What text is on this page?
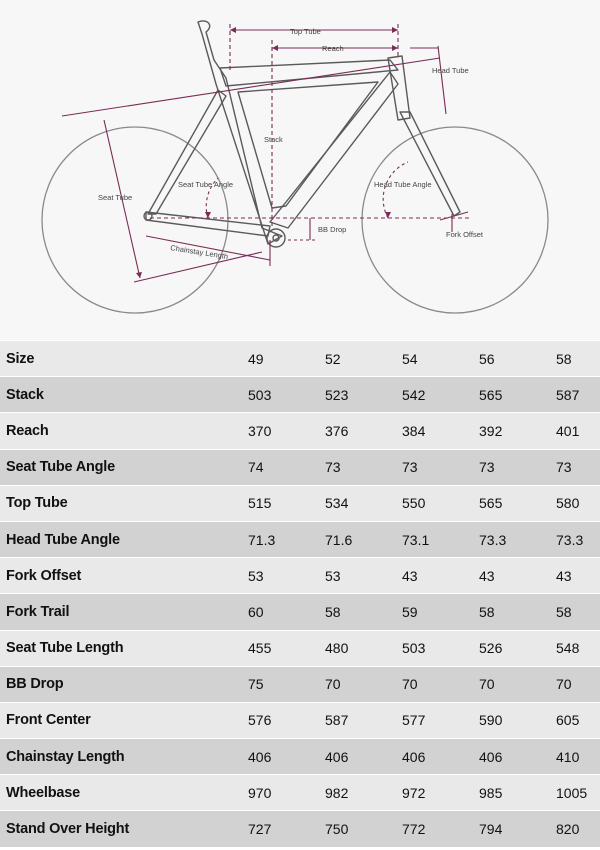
Top Tube
Reach
Head Tube
Stack
Seat Tube
Seat Tube Angle	Head Tube Angle
BB Drop
Fork Offset
Chainstay Length
Size	49	52	54	56	58
Stack	503	523	542	565	587
Reach	370	376	384	392	401
Seat Tube Angle	74	73	73	73	73
Top Tube	515	534	550	565	580
Head Tube Angle	71.3	71.6	73.1	73.3	73.3
Fork Offset	53	53	43	43	43
Fork Trail	60	58	59	58	58
Seat Tube Length	455	480	503	526	548
BB Drop	75	70	70	70	70
Front Center	576	587	577	590	605
Chainstay Length	406	406	406	406	410
Wheelbase	970	982	972	985	1005
Stand Over Height	727	750	772	794	820
